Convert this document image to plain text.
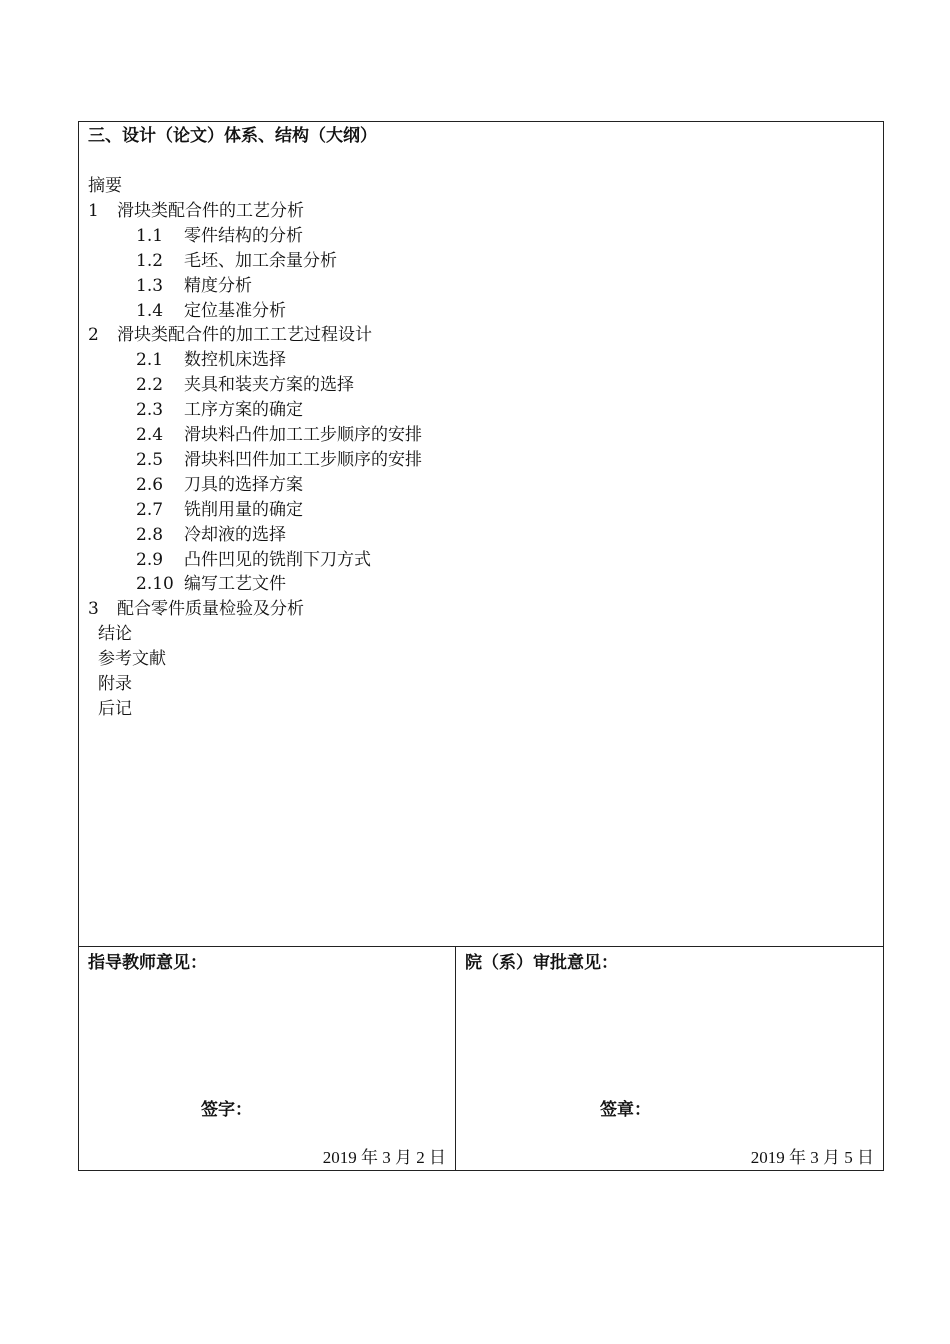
三、设计（论文）体系、结构（大纲）
摘要
1 滑块类配合件的工艺分析
1.1 零件结构的分析
1.2 毛坯、加工余量分析
1.3 精度分析
1.4 定位基准分析
2 滑块类配合件的加工工艺过程设计
2.1 数控机床选择
2.2 夹具和装夹方案的选择
2.3 工序方案的确定
2.4 滑块料凸件加工工步顺序的安排
2.5 滑块料凹件加工工步顺序的安排
2.6 刀具的选择方案
2.7 铣削用量的确定
2.8 冷却液的选择
2.9 凸件凹见的铣削下刀方式
2.10 编写工艺文件
3 配合零件质量检验及分析
结论
参考文献
附录
后记
指导教师意见：
签字：
2019 年 3 月 2 日
院（系）审批意见：
签章：
2019 年 3 月 5 日
